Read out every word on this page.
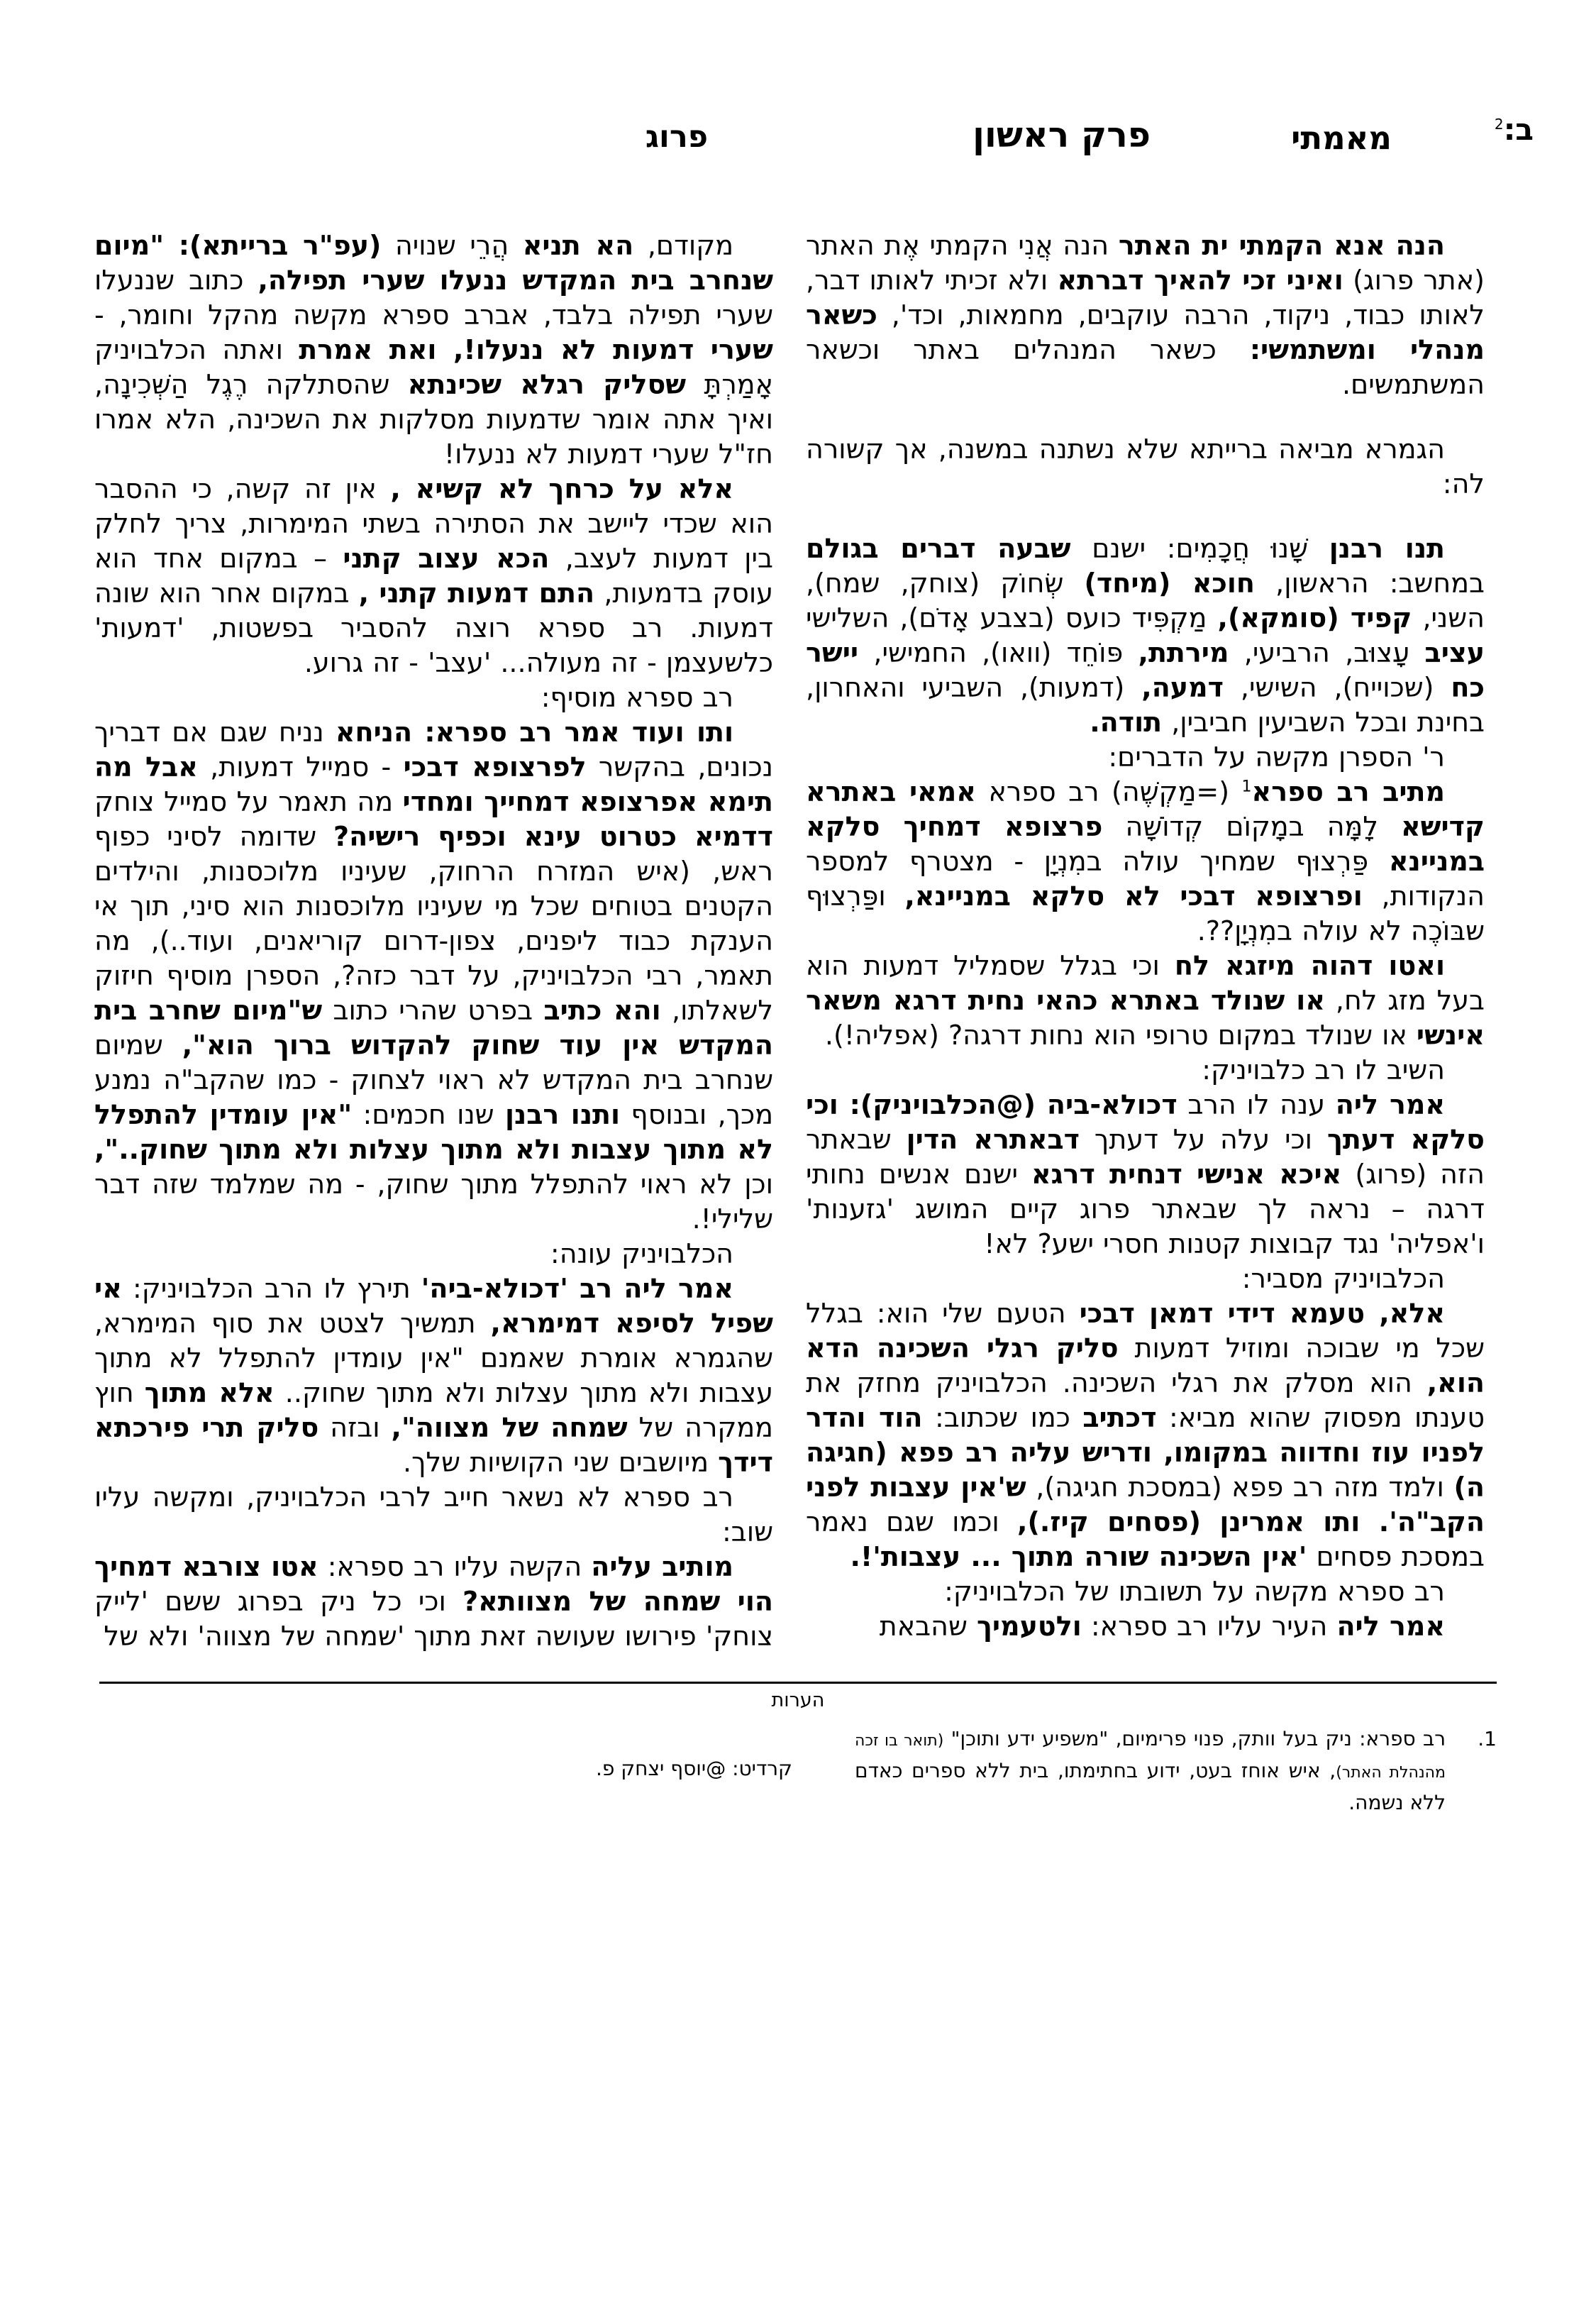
ב:$^2$
מאמתי
פרק ראשון
פרוג

הנה אנא הקמתי ית האתר הנה אֲנִי הקמתי אֶת האתר (אתר פרוג) ואיני זכי להאיך דברתא ולא זכיתי לאותו דבר, לאותו כבוד, ניקוד, הרבה עוקבים, מחמאות, וכד', כשאר מנהלי ומשתמשי: כשאר המנהלים באתר וכשאר המשתמשים.

הגמרא מביאה ברייתא שלא נשתנה במשנה, אך קשורה לה:

תנו רבנן שָׁנוּ חֲכָמִים: ישנם שבעה דברים בגולם במחשב: הראשון, חוכא (מיחד) שְׂחוֹק (צוחק, שמח), השני, קפיד (סומקא), מַקְפִּיד כועס (בצבע אָדֹם), השלישי עציב עָצוּב, הרביעי, מירתת, פּוֹחֵד (וואו), החמישי, יישר כח (שכוייח), השישי, דמעה, (דמעות), השביעי והאחרון, בחינת ובכל השביעין חביבין, תודה.

ר' הספרן מקשה על הדברים:

מתיב רב ספרא$^1$ (=מַקְשֶׁה) רב ספרא אמאי באתרא קדישא לָמָּה במָקוֹם קְדוֹשָׁה פרצופא דמחיך סלקא במניינא פַּרְצוּף שמחיך עולה במִנְיָן - מצטרף למספר הנקודות, ופרצופא דבכי לא סלקא במניינא, ופַּרְצוּף שבּוֹכֶה לא עולה במִנְיָן??.

ואטו דהוה מיזגא לח וכי בגלל שסמליל דמעות הוא בעל מזג לח, או שנולד באתרא כהאי נחית דרגא משאר אינשי או שנולד במקום טרופי הוא נחות דרגה? (אפליה!).

השיב לו רב כלבויניק:

אמר ליה ענה לו הרב דכולא-ביה (@הכלבויניק): וכי סלקא דעתך וכי עלה על דעתך דבאתרא הדין שבאתר הזה (פרוג) איכא אנישי דנחית דרגא ישנם אנשים נחותי דרגה – נראה לך שבאתר פרוג קיים המושג 'גזענות' ו'אפליה' נגד קבוצות קטנות חסרי ישע? לא!

הכלבויניק מסביר:

אלא, טעמא דידי דמאן דבכי הטעם שלי הוא: בגלל שכל מי שבוכה ומוזיל דמעות סליק רגלי השכינה הדא הוא, הוא מסלק את רגלי השכינה. הכלבויניק מחזק את טענתו מפסוק שהוא מביא: דכתיב כמו שכתוב: הוד והדר לפניו עוז וחדווה במקומו, ודריש עליה רב פפא (חגיגה ה) ולמד מזה רב פפא (במסכת חגיגה), ש'אין עצבות לפני הקב"ה'. ותו אמרינן (פסחים קיז.), וכמו שגם נאמר במסכת פסחים 'אין השכינה שורה מתוך ... עצבות'!.

רב ספרא מקשה על תשובתו של הכלבויניק:

אמר ליה העיר עליו רב ספרא: ולטעמיך שהבאת

מקודם, הא תניא הֲרֵי שנויה (עפ"ר ברייתא): "מיום שנחרב בית המקדש ננעלו שערי תפילה, כתוב שננעלו שערי תפילה בלבד, אברב ספרא מקשה מהקל וחומר, - שערי דמעות לא ננעלו!, ואת אמרת ואתה הכלבויניק אָמַרְתָּ שסליק רגלא שכינתא שהסתלקה רֶגֶל הַשְּׁכִינָה, ואיך אתה אומר שדמעות מסלקות את השכינה, הלא אמרו חז"ל שערי דמעות לא ננעלו!

אלא על כרחך לא קשיא , אין זה קשה, כי ההסבר הוא שכדי ליישב את הסתירה בשתי המימרות, צריך לחלק בין דמעות לעצב, הכא עצוב קתני – במקום אחד הוא עוסק בדמעות, התם דמעות קתני , במקום אחר הוא שונה דמעות. רב ספרא רוצה להסביר בפשטות, 'דמעות' כלשעצמן - זה מעולה... 'עצב' - זה גרוע.

רב ספרא מוסיף:

ותו ועוד אמר רב ספרא: הניחא נניח שגם אם דבריך נכונים, בהקשר לפרצופא דבכי - סמייל דמעות, אבל מה תימא אפרצופא דמחייך ומחדי מה תאמר על סמייל צוחק דדמיא כטרוט עינא וכפיף רישיה? שדומה לסיני כפוף ראש, (איש המזרח הרחוק, שעיניו מלוכסנות, והילדים הקטנים בטוחים שכל מי שעיניו מלוכסנות הוא סיני, תוך אי הענקת כבוד ליפנים, צפון-דרום קוריאנים, ועוד..), מה תאמר, רבי הכלבויניק, על דבר כזה?, הספרן מוסיף חיזוק לשאלתו, והא כתיב בפרט שהרי כתוב ש"מיום שחרב בית המקדש אין עוד שחוק להקדוש ברוך הוא", שמיום שנחרב בית המקדש לא ראוי לצחוק - כמו שהקב"ה נמנע מכך, ובנוסף ותנו רבנן שנו חכמים: "אין עומדין להתפלל לא מתוך עצבות ולא מתוך עצלות ולא מתוך שחוק..", וכן לא ראוי להתפלל מתוך שחוק, - מה שמלמד שזה דבר שלילי!.

הכלבויניק עונה:

אמר ליה רב 'דכולא-ביה' תירץ לו הרב הכלבויניק: אי שפיל לסיפא דמימרא, תמשיך לצטט את סוף המימרא, שהגמרא אומרת שאמנם "אין עומדין להתפלל לא מתוך עצבות ולא מתוך עצלות ולא מתוך שחוק.. אלא מתוך חוץ ממקרה של שמחה של מצווה", ובזה סליק תרי פירכתא דידך מיושבים שני הקושיות שלך.

רב ספרא לא נשאר חייב לרבי הכלבויניק, ומקשה עליו שוב:

מותיב עליה הקשה עליו רב ספרא: אטו צורבא דמחיך הוי שמחה של מצוותא? וכי כל ניק בפרוג ששם 'לייק צוחק' פירושו שעושה זאת מתוך 'שמחה של מצווה' ולא של

הערות
1.
רב ספרא: ניק בעל וותק, פנוי פרימיום, "משפיע ידע ותוכן" (תואר בו זכה מהנהלת האתר), איש אוחז בעט, ידוע בחתימתו, בית ללא ספרים כאדם ללא נשמה.
קרדיט: @יוסף יצחק פ.
